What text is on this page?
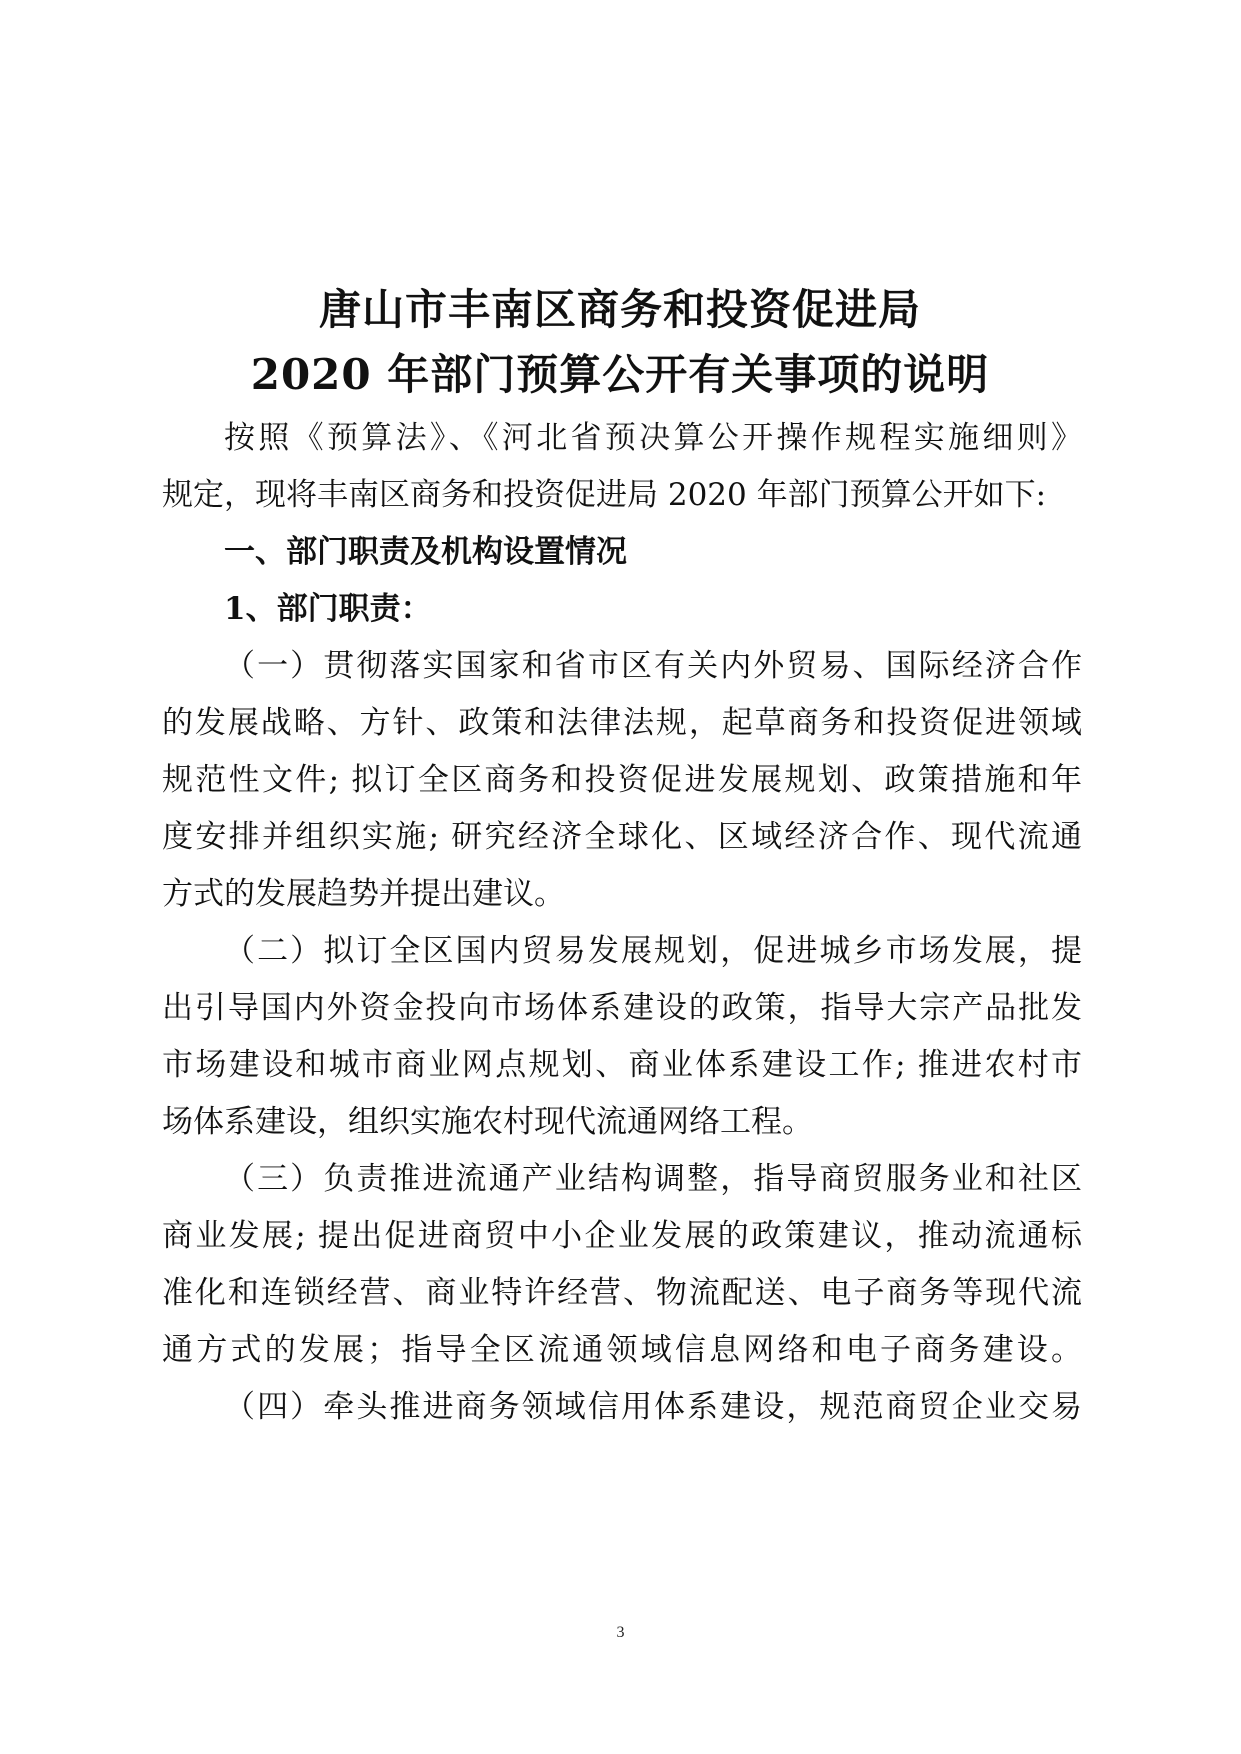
唐山市丰南区商务和投资促进局
2020 年部门预算公开有关事项的说明
按照《预算法》、《河北省预决算公开操作规程实施细则》
规定，现将丰南区商务和投资促进局 2020 年部门预算公开如下:
一、部门职责及机构设置情况
1、部门职责：
（一）贯彻落实国家和省市区有关内外贸易、国际经济合作
的发展战略、方针、政策和法律法规，起草商务和投资促进领域
规范性文件; 拟订全区商务和投资促进发展规划、政策措施和年
度安排并组织实施; 研究经济全球化、区域经济合作、现代流通
方式的发展趋势并提出建议。
（二）拟订全区国内贸易发展规划，促进城乡市场发展，提
出引导国内外资金投向市场体系建设的政策，指导大宗产品批发
市场建设和城市商业网点规划、商业体系建设工作; 推进农村市
场体系建设，组织实施农村现代流通网络工程。
（三）负责推进流通产业结构调整，指导商贸服务业和社区
商业发展; 提出促进商贸中小企业发展的政策建议，推动流通标
准化和连锁经营、商业特许经营、物流配送、电子商务等现代流
通方式的发展；指导全区流通领域信息网络和电子商务建设。
（四）牵头推进商务领域信用体系建设，规范商贸企业交易
3
